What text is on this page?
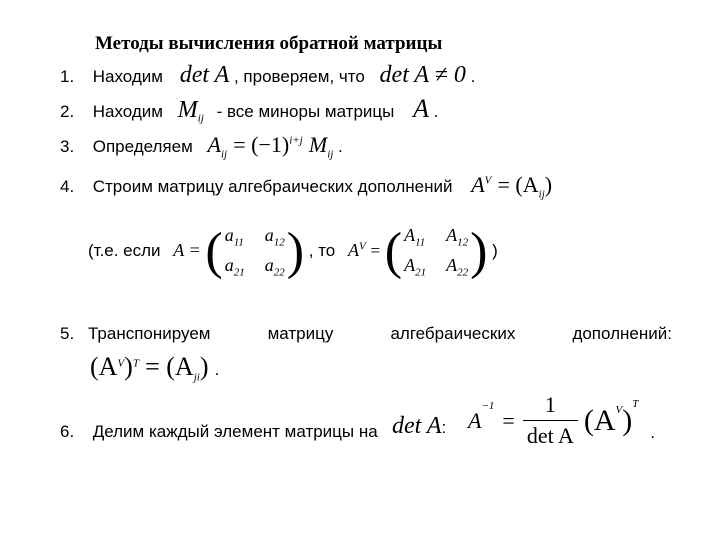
Методы вычисления обратной матрицы
1. Находим det A , проверяем, что det A ≠ 0 .
2. Находим $M_{ij}$ - все миноры матрицы A .
3. Определяем $A_{ij} = (-1)^{i+j}$ $M_{ij}$ .
4. Строим матрицу алгебраических дополнений $A^V = (A_{ij})$
(т.е. если A = ( $a_{11}$ $a_{12}$
$a_{21}$ $a_{22}$ ) , то $A^V$ = ( $A_{11}$ $A_{12}$
$A_{21}$ $A_{22}$ ) )
5. Транспонируем	матрицу	алгебраических	дополнений:
$(A^V)^T = (A_{ji})$ .
6. Делим каждый элемент матрицы на det A: A
$^{-1}$
= $\frac{1}{\text{det A}} (A^V$ )$^T$
.
